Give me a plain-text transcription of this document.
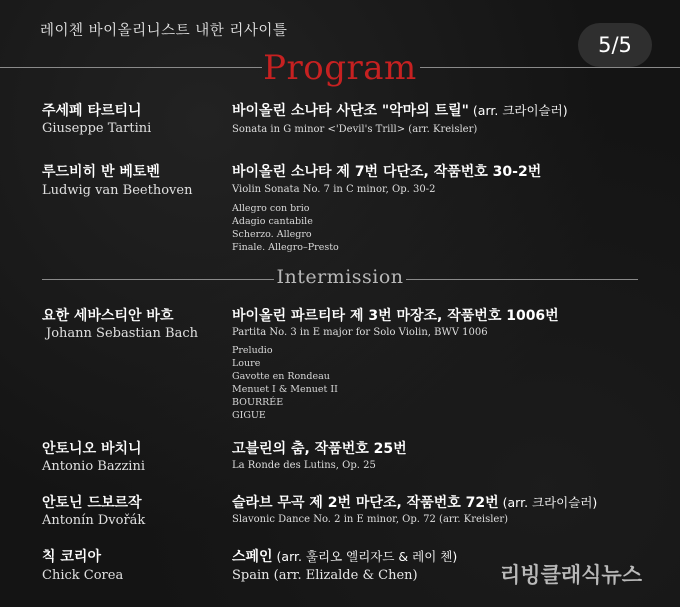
레이첸 바이올리니스트 내한 리사이틀
5/5
Program
주세페 타르티니
Giuseppe Tartini
바이올린 소나타 사단조 "악마의 트릴" (arr. 크라이슬러)
Sonata in G minor <'Devil's Trill> (arr. Kreisler)
루드비히 반 베토벤
Ludwig van Beethoven
바이올린 소나타 제 7번 다단조, 작품번호 30-2번
Violin Sonata No. 7 in C minor, Op. 30-2
Allegro con brio
Adagio cantabile
Scherzo. Allegro
Finale. Allegro–Presto
Intermission
요한 세바스티안 바흐
Johann Sebastian Bach
바이올린 파르티타 제 3번 마장조, 작품번호 1006번
Partita No. 3 in E major for Solo Violin, BWV 1006
Preludio
Loure
Gavotte en Rondeau
Menuet I & Menuet II
BOURRÉE
GIGUE
안토니오 바치니
Antonio Bazzini
고블린의 춤, 작품번호 25번
La Ronde des Lutins, Op. 25
안토닌 드보르작
Antonín Dvořák
슬라브 무곡 제 2번 마단조, 작품번호 72번 (arr. 크라이슬러)
Slavonic Dance No. 2 in E minor, Op. 72 (arr. Kreisler)
칙 코리아
Chick Corea
스페인 (arr. 훌리오 엘리자드 & 레이 첸)
Spain (arr. Elizalde & Chen)	리빙클래식뉴스
